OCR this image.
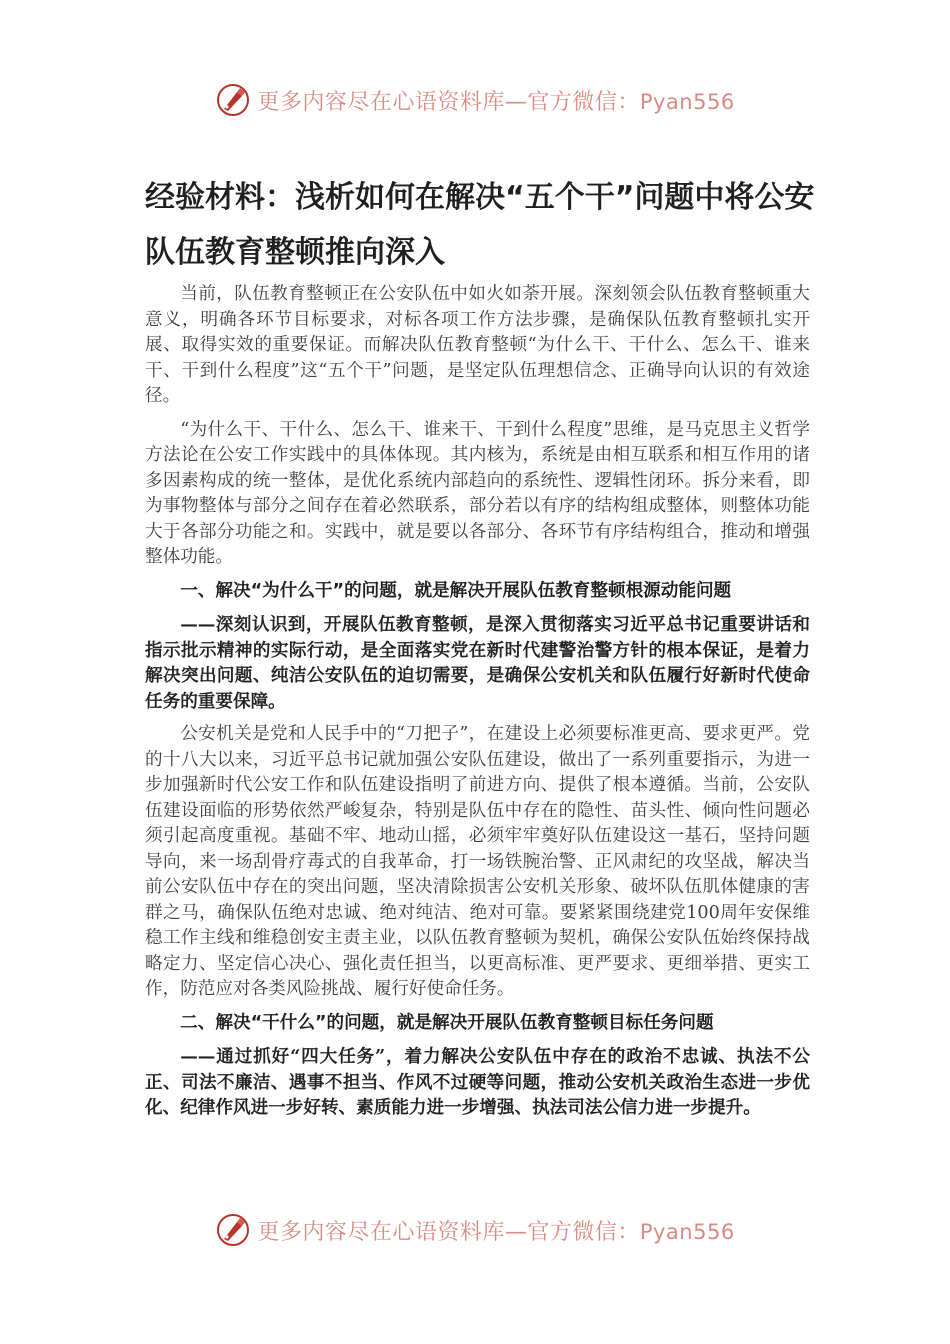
更多内容尽在心语资料库—官方微信：Pyan556
经验材料：浅析如何在解决“五个干”问题中将公安队伍教育整顿推向深入

当前，队伍教育整顿正在公安队伍中如火如荼开展。深刻领会队伍教育整顿重大意义，明确各环节目标要求，对标各项工作方法步骤，是确保队伍教育整顿扎实开展、取得实效的重要保证。而解决队伍教育整顿“为什么干、干什么、怎么干、谁来干、干到什么程度”这“五个干”问题，是坚定队伍理想信念、正确导向认识的有效途径。

“为什么干、干什么、怎么干、谁来干、干到什么程度”思维，是马克思主义哲学方法论在公安工作实践中的具体体现。其内核为，系统是由相互联系和相互作用的诸多因素构成的统一整体，是优化系统内部趋向的系统性、逻辑性闭环。拆分来看，即为事物整体与部分之间存在着必然联系，部分若以有序的结构组成整体，则整体功能大于各部分功能之和。实践中，就是要以各部分、各环节有序结构组合，推动和增强整体功能。

一、解决“为什么干”的问题，就是解决开展队伍教育整顿根源动能问题

——深刻认识到，开展队伍教育整顿，是深入贯彻落实习近平总书记重要讲话和指示批示精神的实际行动，是全面落实党在新时代建警治警方针的根本保证，是着力解决突出问题、纯洁公安队伍的迫切需要，是确保公安机关和队伍履行好新时代使命任务的重要保障。

公安机关是党和人民手中的“刀把子”，在建设上必须要标准更高、要求更严。党的十八大以来，习近平总书记就加强公安队伍建设，做出了一系列重要指示，为进一步加强新时代公安工作和队伍建设指明了前进方向、提供了根本遵循。当前，公安队伍建设面临的形势依然严峻复杂，特别是队伍中存在的隐性、苗头性、倾向性问题必须引起高度重视。基础不牢、地动山摇，必须牢牢奠好队伍建设这一基石，坚持问题导向，来一场刮骨疗毒式的自我革命，打一场铁腕治警、正风肃纪的攻坚战，解决当前公安队伍中存在的突出问题，坚决清除损害公安机关形象、破坏队伍肌体健康的害群之马，确保队伍绝对忠诚、绝对纯洁、绝对可靠。要紧紧围绕建党100周年安保维稳工作主线和维稳创安主责主业，以队伍教育整顿为契机，确保公安队伍始终保持战略定力、坚定信心决心、强化责任担当，以更高标准、更严要求、更细举措、更实工作，防范应对各类风险挑战、履行好使命任务。

二、解决“干什么”的问题，就是解决开展队伍教育整顿目标任务问题

——通过抓好“四大任务”，着力解决公安队伍中存在的政治不忠诚、执法不公正、司法不廉洁、遇事不担当、作风不过硬等问题，推动公安机关政治生态进一步优化、纪律作风进一步好转、素质能力进一步增强、执法司法公信力进一步提升。

更多内容尽在心语资料库—官方微信：Pyan556
